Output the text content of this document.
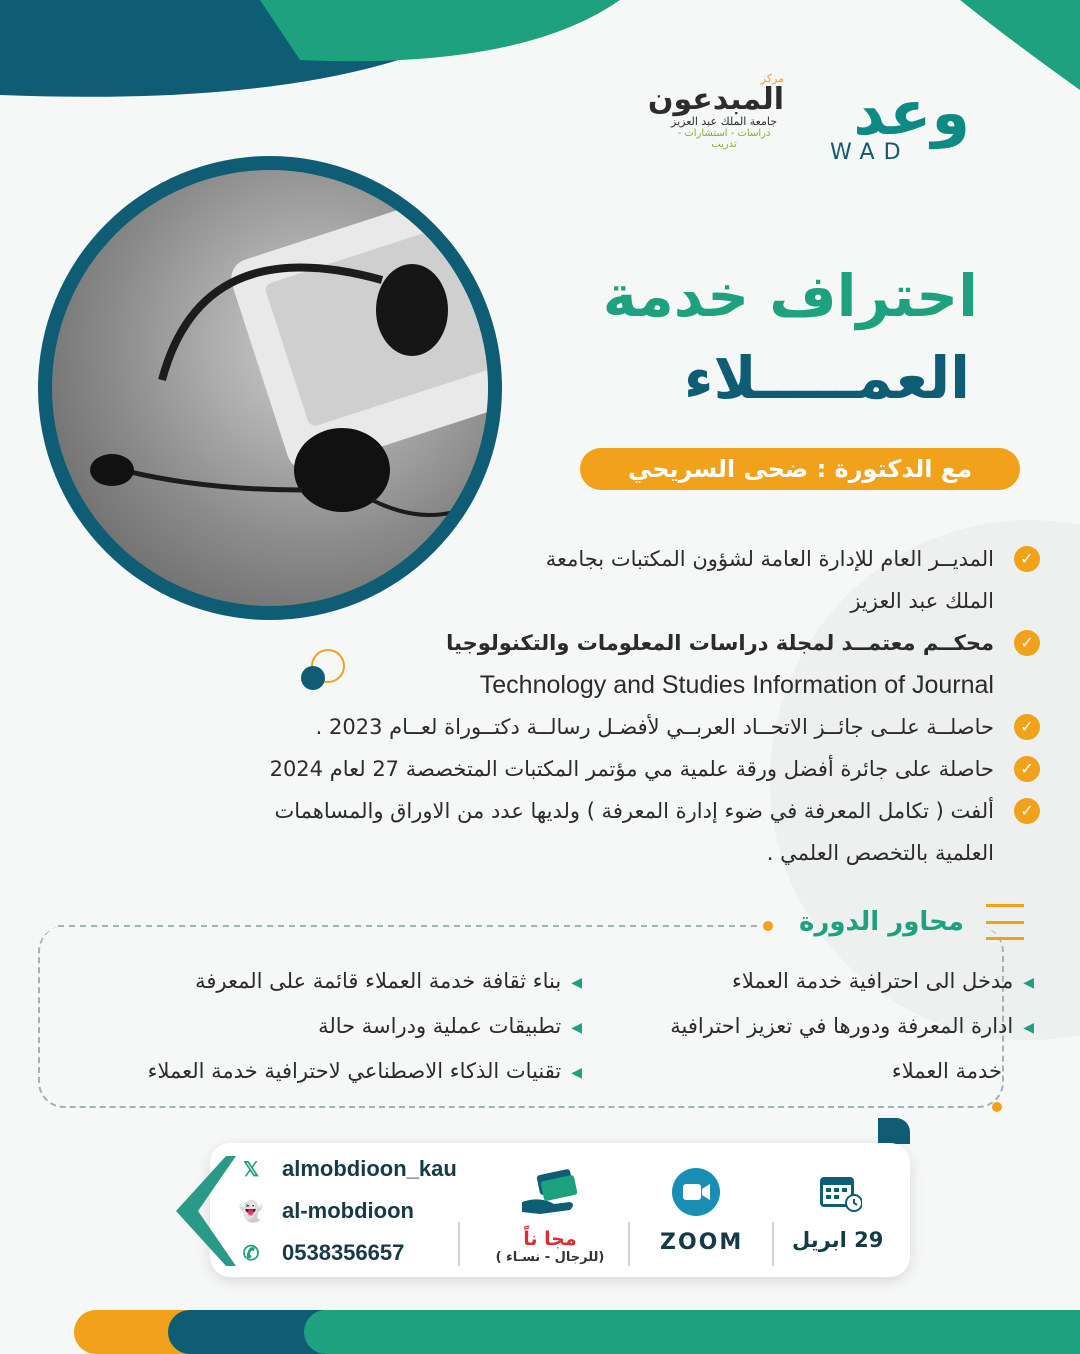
وعد
WAD
مركز
المبدعون
جامعة الملك عبد العزيز
دراسات - استشارات - تدريب
احتراف خدمة
العمـــــلاء
مع الدكتورة : ضحى السريحي
✓
المديــر العام للإدارة العامة لشؤون المكتبات بجامعة
الملك عبد العزيز
✓
محكــم معتمــد لمجلة دراسات المعلومات والتكنولوجيا
Technology and Studies Information of Journal
✓
حاصلــة علــى جائــز الاتحــاد العربــي لأفضـل رسالــة دكتــوراة لعــام 2023 .
✓
حاصلة على جائرة أفضل ورقة علمية مي مؤتمر المكتبات المتخصصة 27 لعام 2024
✓
ألفت ( تكامل المعرفة في ضوء إدارة المعرفة ) ولديها عدد من الاوراق والمساهمات
العلمية بالتخصص العلمي .
محاور الدورة
◀
مدخل الى احترافية خدمة العملاء
◀
ادارة المعرفة ودورها في تعزيز احترافية
خدمة العملاء
◀
بناء ثقافة خدمة العملاء قائمة على المعرفة
◀
تطبيقات عملية ودراسة حالة
◀
تقنيات الذكاء الاصطناعي لاحترافية خدمة العملاء
𝕏 almobdioon_kau
👻 al-mobdioon
✆ 0538356657
مجا ناً
(للرجال - نسـاء )
ZOOM 29 ابريل
